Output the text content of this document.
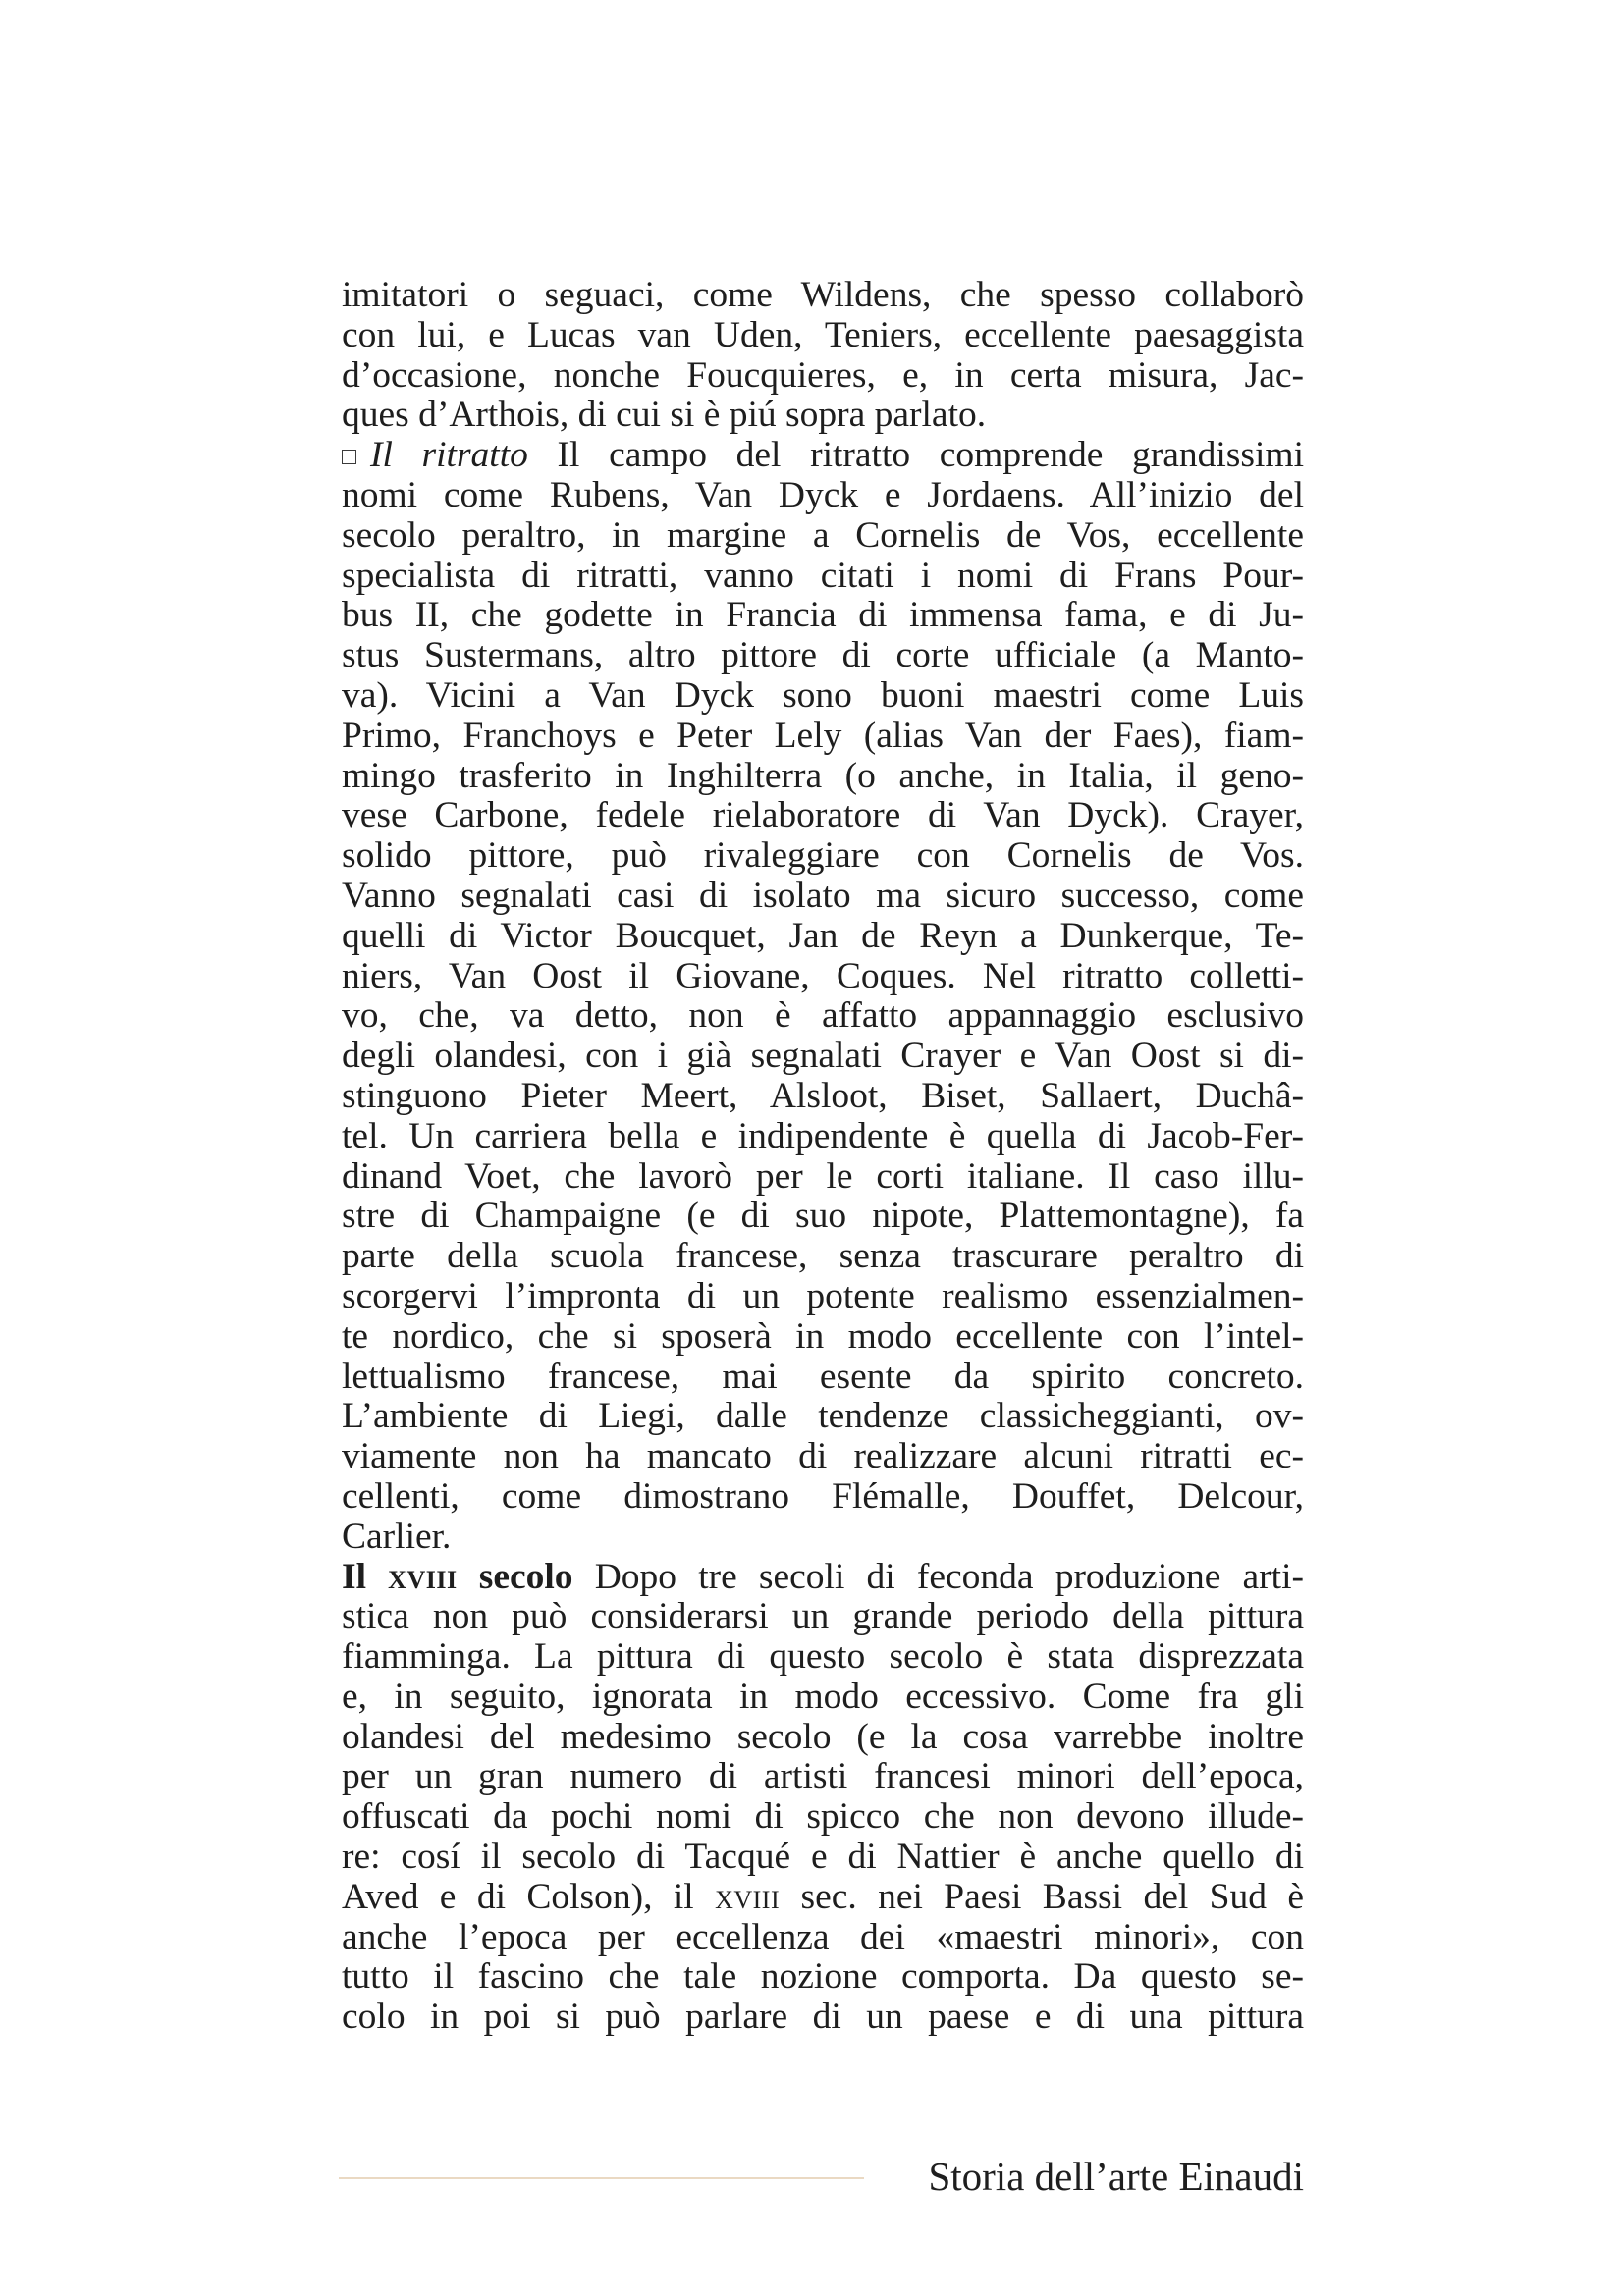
imitatori o seguaci, come Wildens, che spesso collaborò
con lui, e Lucas van Uden, Teniers, eccellente paesaggista
d’occasione, nonche Foucquieres, e, in certa misura, Jac-
ques d’Arthois, di cui si è piú sopra parlato.
Il ritratto Il campo del ritratto comprende grandissimi
nomi come Rubens, Van Dyck e Jordaens. All’inizio del
secolo peraltro, in margine a Cornelis de Vos, eccellente
specialista di ritratti, vanno citati i nomi di Frans Pour-
bus II, che godette in Francia di immensa fama, e di Ju-
stus Sustermans, altro pittore di corte ufficiale (a Manto-
va). Vicini a Van Dyck sono buoni maestri come Luis
Primo, Franchoys e Peter Lely (alias Van der Faes), fiam-
mingo trasferito in Inghilterra (o anche, in Italia, il geno-
vese Carbone, fedele rielaboratore di Van Dyck). Crayer,
solido pittore, può rivaleggiare con Cornelis de Vos.
Vanno segnalati casi di isolato ma sicuro successo, come
quelli di Victor Boucquet, Jan de Reyn a Dunkerque, Te-
niers, Van Oost il Giovane, Coques. Nel ritratto colletti-
vo, che, va detto, non è affatto appannaggio esclusivo
degli olandesi, con i già segnalati Crayer e Van Oost si di-
stinguono Pieter Meert, Alsloot, Biset, Sallaert, Duchâ-
tel. Un carriera bella e indipendente è quella di Jacob-Fer-
dinand Voet, che lavorò per le corti italiane. Il caso illu-
stre di Champaigne (e di suo nipote, Plattemontagne), fa
parte della scuola francese, senza trascurare peraltro di
scorgervi l’impronta di un potente realismo essenzialmen-
te nordico, che si sposerà in modo eccellente con l’intel-
lettualismo francese, mai esente da spirito concreto.
L’ambiente di Liegi, dalle tendenze classicheggianti, ov-
viamente non ha mancato di realizzare alcuni ritratti ec-
cellenti, come dimostrano Flémalle, Douffet, Delcour,
Carlier.
Il xviii secolo Dopo tre secoli di feconda produzione arti-
stica non può considerarsi un grande periodo della pittura
fiamminga. La pittura di questo secolo è stata disprezzata
e, in seguito, ignorata in modo eccessivo. Come fra gli
olandesi del medesimo secolo (e la cosa varrebbe inoltre
per un gran numero di artisti francesi minori dell’epoca,
offuscati da pochi nomi di spicco che non devono illude-
re: cosí il secolo di Tacqué e di Nattier è anche quello di
Aved e di Colson), il xviii sec. nei Paesi Bassi del Sud è
anche l’epoca per eccellenza dei «maestri minori», con
tutto il fascino che tale nozione comporta. Da questo se-
colo in poi si può parlare di un paese e di una pittura
Storia dell’arte Einaudi
